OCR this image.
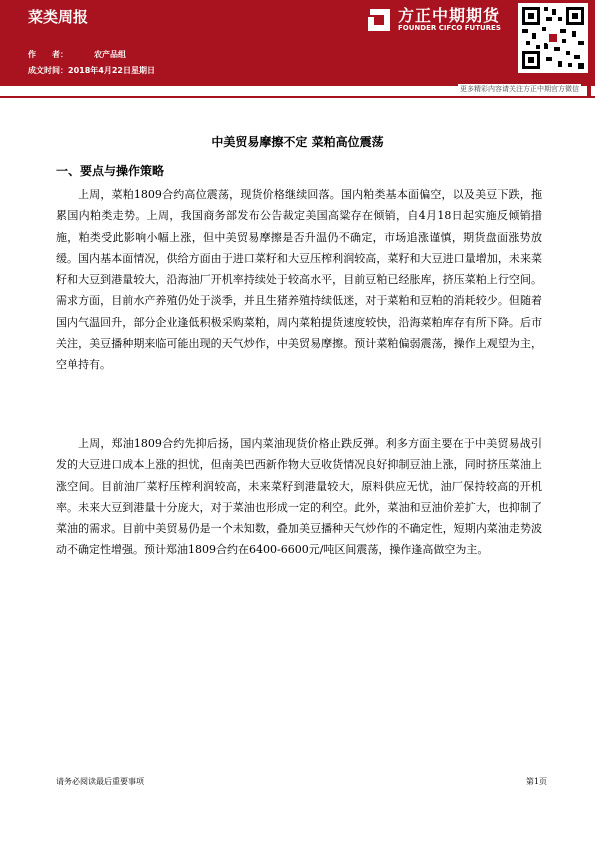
菜类周报
作　　者：	农产品组
成文时间：2018年4月22日星期日
方正中期期货
FOUNDER CIFCO FUTURES
更多精彩内容请关注方正中期官方微信
中美贸易摩擦不定 菜粕高位震荡
一、要点与操作策略

上周，菜粕1809合约高位震荡，现货价格继续回落。国内粕类基本面偏空，以及美豆下跌，拖累国内粕类走势。上周，我国商务部发布公告裁定美国高粱存在倾销，自4月18日起实施反倾销措施，粕类受此影响小幅上涨，但中美贸易摩擦是否升温仍不确定，市场追涨谨慎，期货盘面涨势放缓。国内基本面情况，供给方面由于进口菜籽和大豆压榨利润较高，菜籽和大豆进口量增加，未来菜籽和大豆到港量较大，沿海油厂开机率持续处于较高水平，目前豆粕已经胀库，挤压菜粕上行空间。需求方面，目前水产养殖仍处于淡季，并且生猪养殖持续低迷，对于菜粕和豆粕的消耗较少。但随着国内气温回升，部分企业逢低积极采购菜粕，周内菜粕提货速度较快，沿海菜粕库存有所下降。后市关注，美豆播种期来临可能出现的天气炒作，中美贸易摩擦。预计菜粕偏弱震荡，操作上观望为主，空单持有。

上周，郑油1809合约先抑后扬，国内菜油现货价格止跌反弹。利多方面主要在于中美贸易战引发的大豆进口成本上涨的担忧，但南美巴西新作物大豆收货情况良好抑制豆油上涨，同时挤压菜油上涨空间。目前油厂菜籽压榨利润较高，未来菜籽到港量较大，原料供应无忧，油厂保持较高的开机率。未来大豆到港量十分庞大，对于菜油也形成一定的利空。此外，菜油和豆油价差扩大，也抑制了菜油的需求。目前中美贸易仍是一个未知数，叠加美豆播种天气炒作的不确定性，短期内菜油走势波动不确定性增强。预计郑油1809合约在6400-6600元/吨区间震荡，操作逢高做空为主。

请务必阅读最后重要事项	第1页
